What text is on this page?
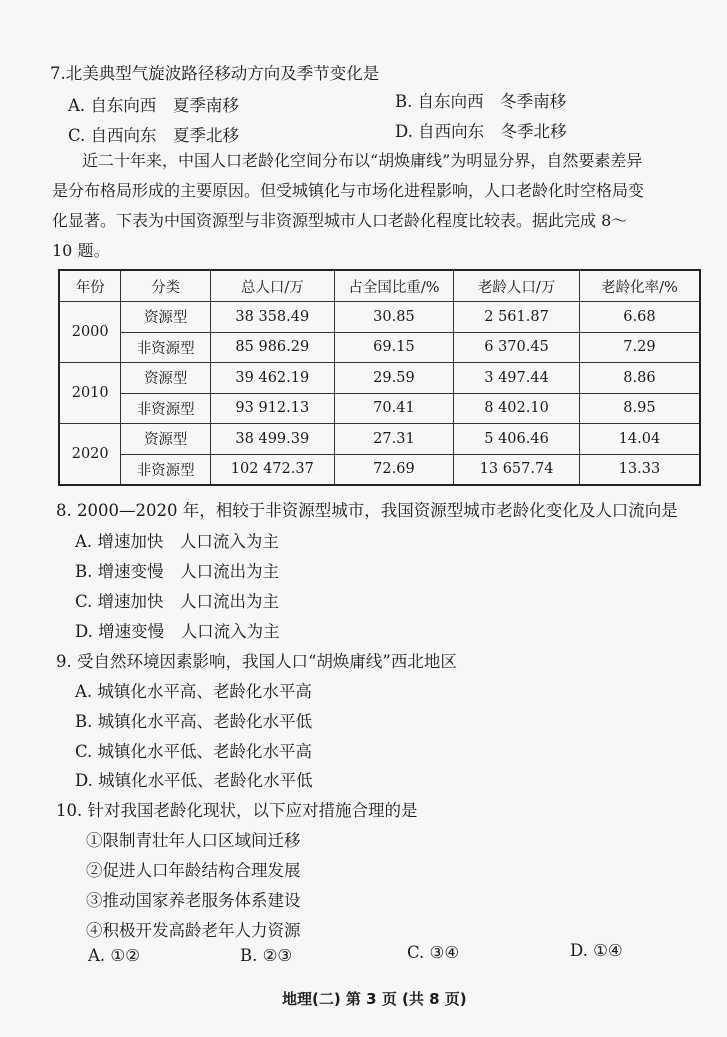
7.北美典型气旋波路径移动方向及季节变化是
A. 自东向西　夏季南移	B. 自东向西　冬季南移
C. 自西向东　夏季北移	D. 自西向东　冬季北移

近二十年来，中国人口老龄化空间分布以“胡焕庸线”为明显分界，自然要素差异

是分布格局形成的主要原因。但受城镇化与市场化进程影响，人口老龄化时空格局变

化显著。下表为中国资源型与非资源型城市人口老龄化程度比较表。据此完成 8～

10 题。

年份	分类	总人口/万	占全国比重/%	老龄人口/万	老龄化率/%
2000	资源型	38 358.49	30.85	2 561.87	6.68
	非资源型	85 986.29	69.15	6 370.45	7.29
2010	资源型	39 462.19	29.59	3 497.44	8.86
	非资源型	93 912.13	70.41	8 402.10	8.95
2020	资源型	38 499.39	27.31	5 406.46	14.04
	非资源型	102 472.37	72.69	13 657.74	13.33
8. 2000—2020 年，相较于非资源型城市，我国资源型城市老龄化变化及人口流向是
A. 增速加快　人口流入为主
B. 增速变慢　人口流出为主
C. 增速加快　人口流出为主
D. 增速变慢　人口流入为主
9. 受自然环境因素影响，我国人口“胡焕庸线”西北地区
A. 城镇化水平高、老龄化水平高
B. 城镇化水平高、老龄化水平低
C. 城镇化水平低、老龄化水平高
D. 城镇化水平低、老龄化水平低
10. 针对我国老龄化现状，以下应对措施合理的是
①限制青壮年人口区域间迁移
②促进人口年龄结构合理发展
③推动国家养老服务体系建设
④积极开发高龄老年人力资源
A. ①②	B. ②③	C. ③④	D. ①④
地理(二) 第 3 页 (共 8 页)
